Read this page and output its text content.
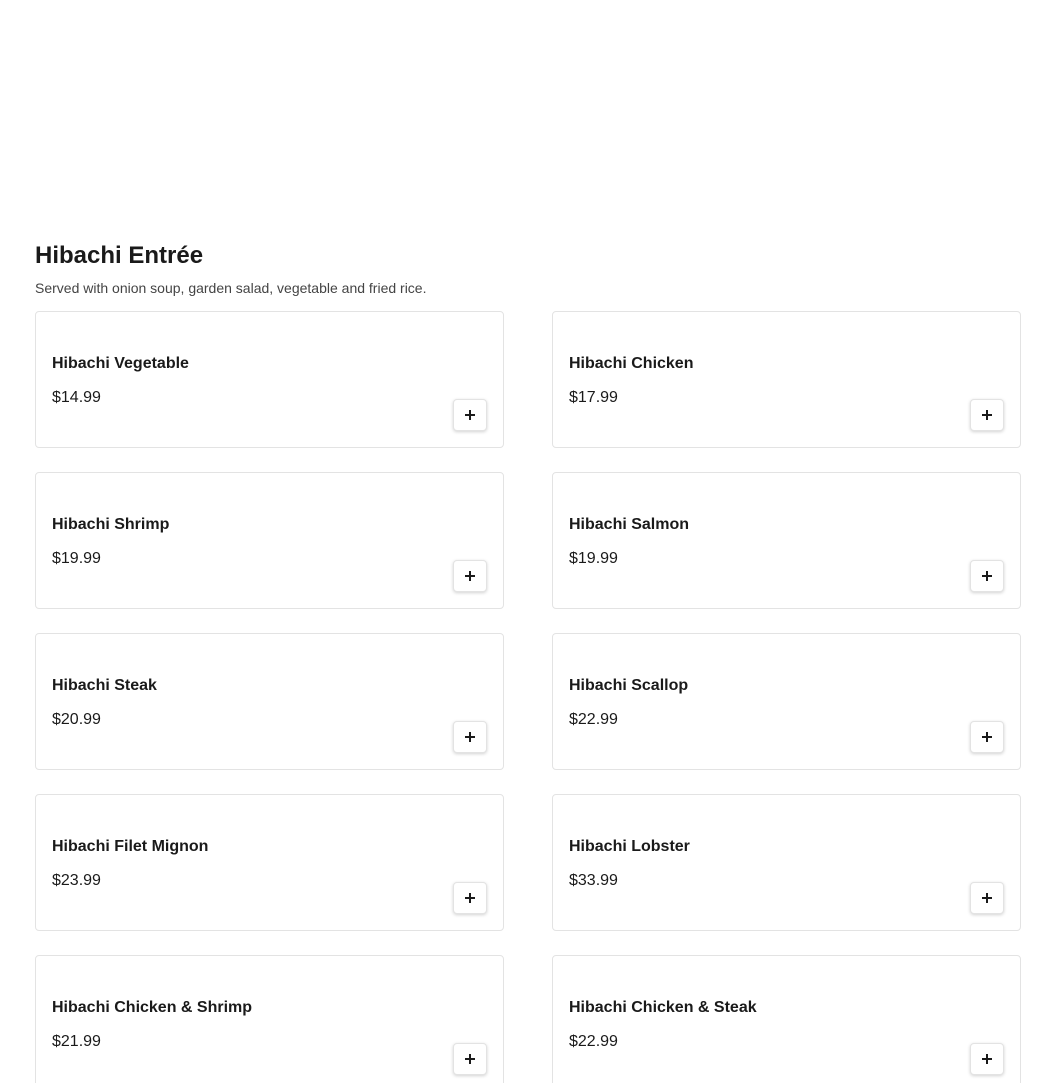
Hibachi Entrée

Served with onion soup, garden salad, vegetable and fried rice.

Hibachi Vegetable
$14.99
Hibachi Chicken
$17.99
Hibachi Shrimp
$19.99
Hibachi Salmon
$19.99
Hibachi Steak
$20.99
Hibachi Scallop
$22.99
Hibachi Filet Mignon
$23.99
Hibachi Lobster
$33.99
Hibachi Chicken & Shrimp
$21.99
Hibachi Chicken & Steak
$22.99
